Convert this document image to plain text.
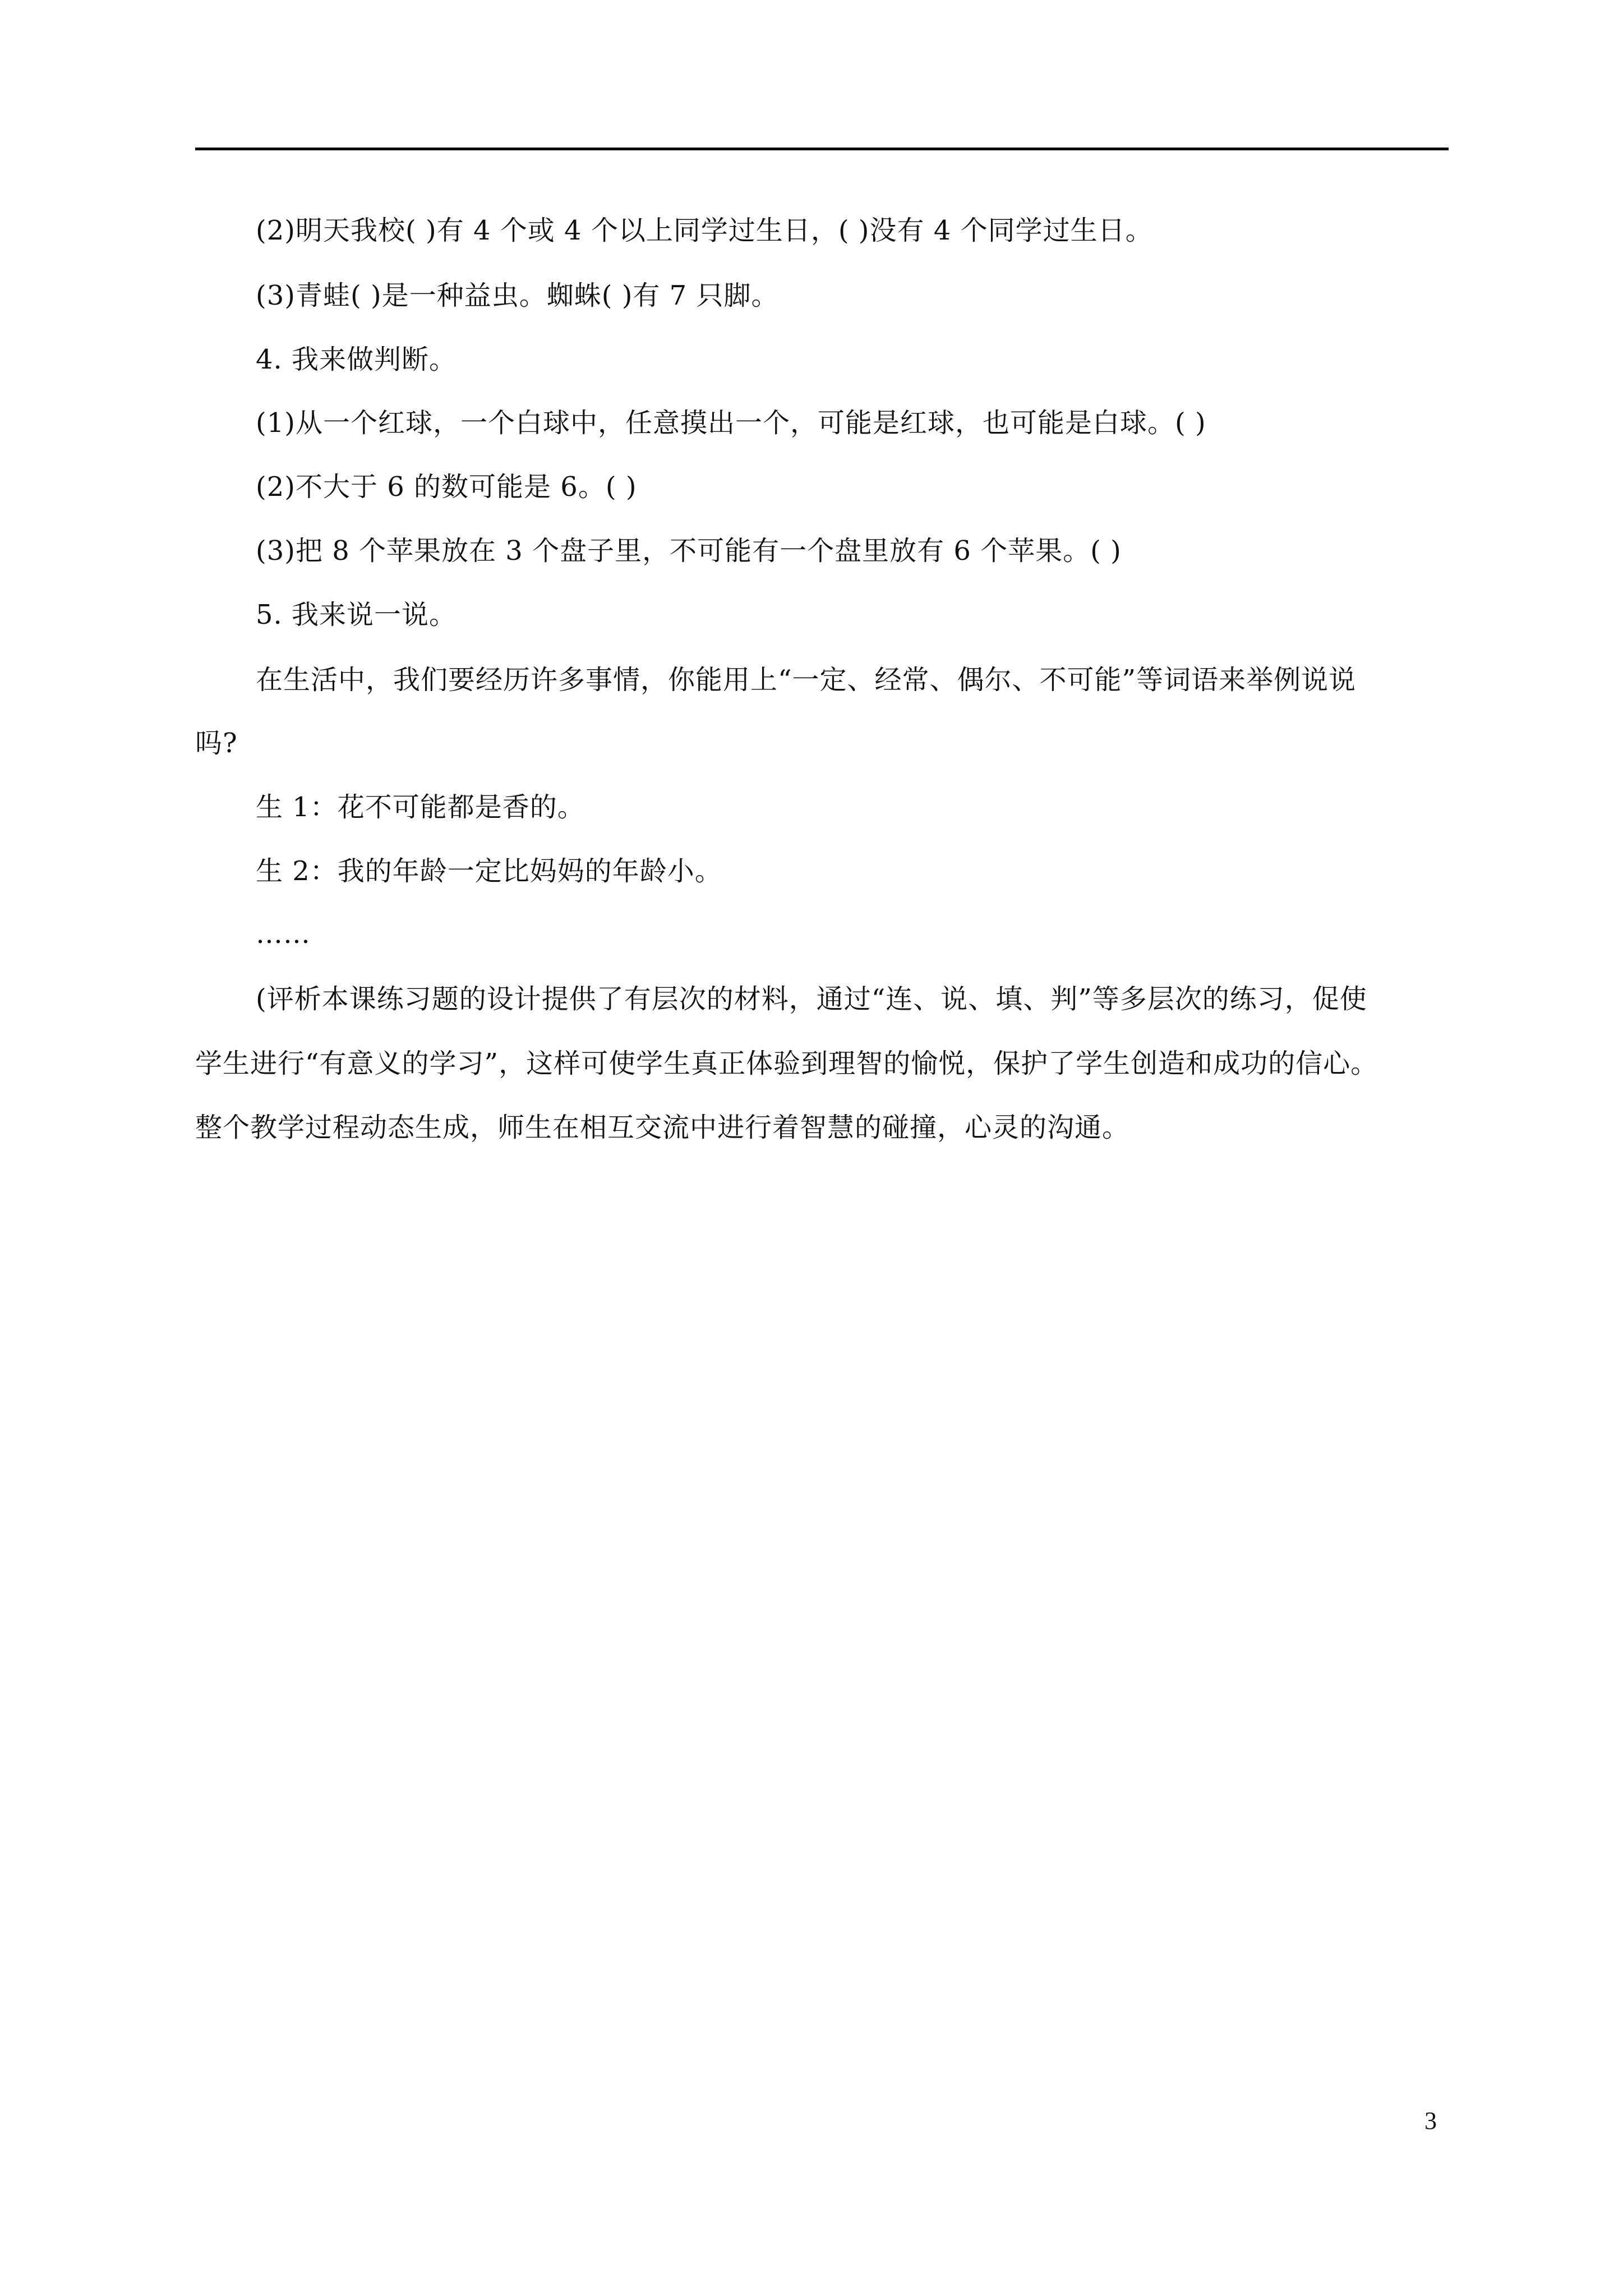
(2)明天我校( )有 4 个或 4 个以上同学过生日，( )没有 4 个同学过生日。
(3)青蛙( )是一种益虫。蜘蛛( )有 7 只脚。
4. 我来做判断。
(1)从一个红球，一个白球中，任意摸出一个，可能是红球，也可能是白球。( )
(2)不大于 6 的数可能是 6。( )
(3)把 8 个苹果放在 3 个盘子里，不可能有一个盘里放有 6 个苹果。( )
5. 我来说一说。
在生活中，我们要经历许多事情，你能用上“一定、经常、偶尔、不可能”等词语来举例说说
吗?
生 1：花不可能都是香的。
生 2：我的年龄一定比妈妈的年龄小。
……
(评析本课练习题的设计提供了有层次的材料，通过“连、说、填、判”等多层次的练习，促使
学生进行“有意义的学习”，这样可使学生真正体验到理智的愉悦，保护了学生创造和成功的信心。
整个教学过程动态生成，师生在相互交流中进行着智慧的碰撞，心灵的沟通。
3
